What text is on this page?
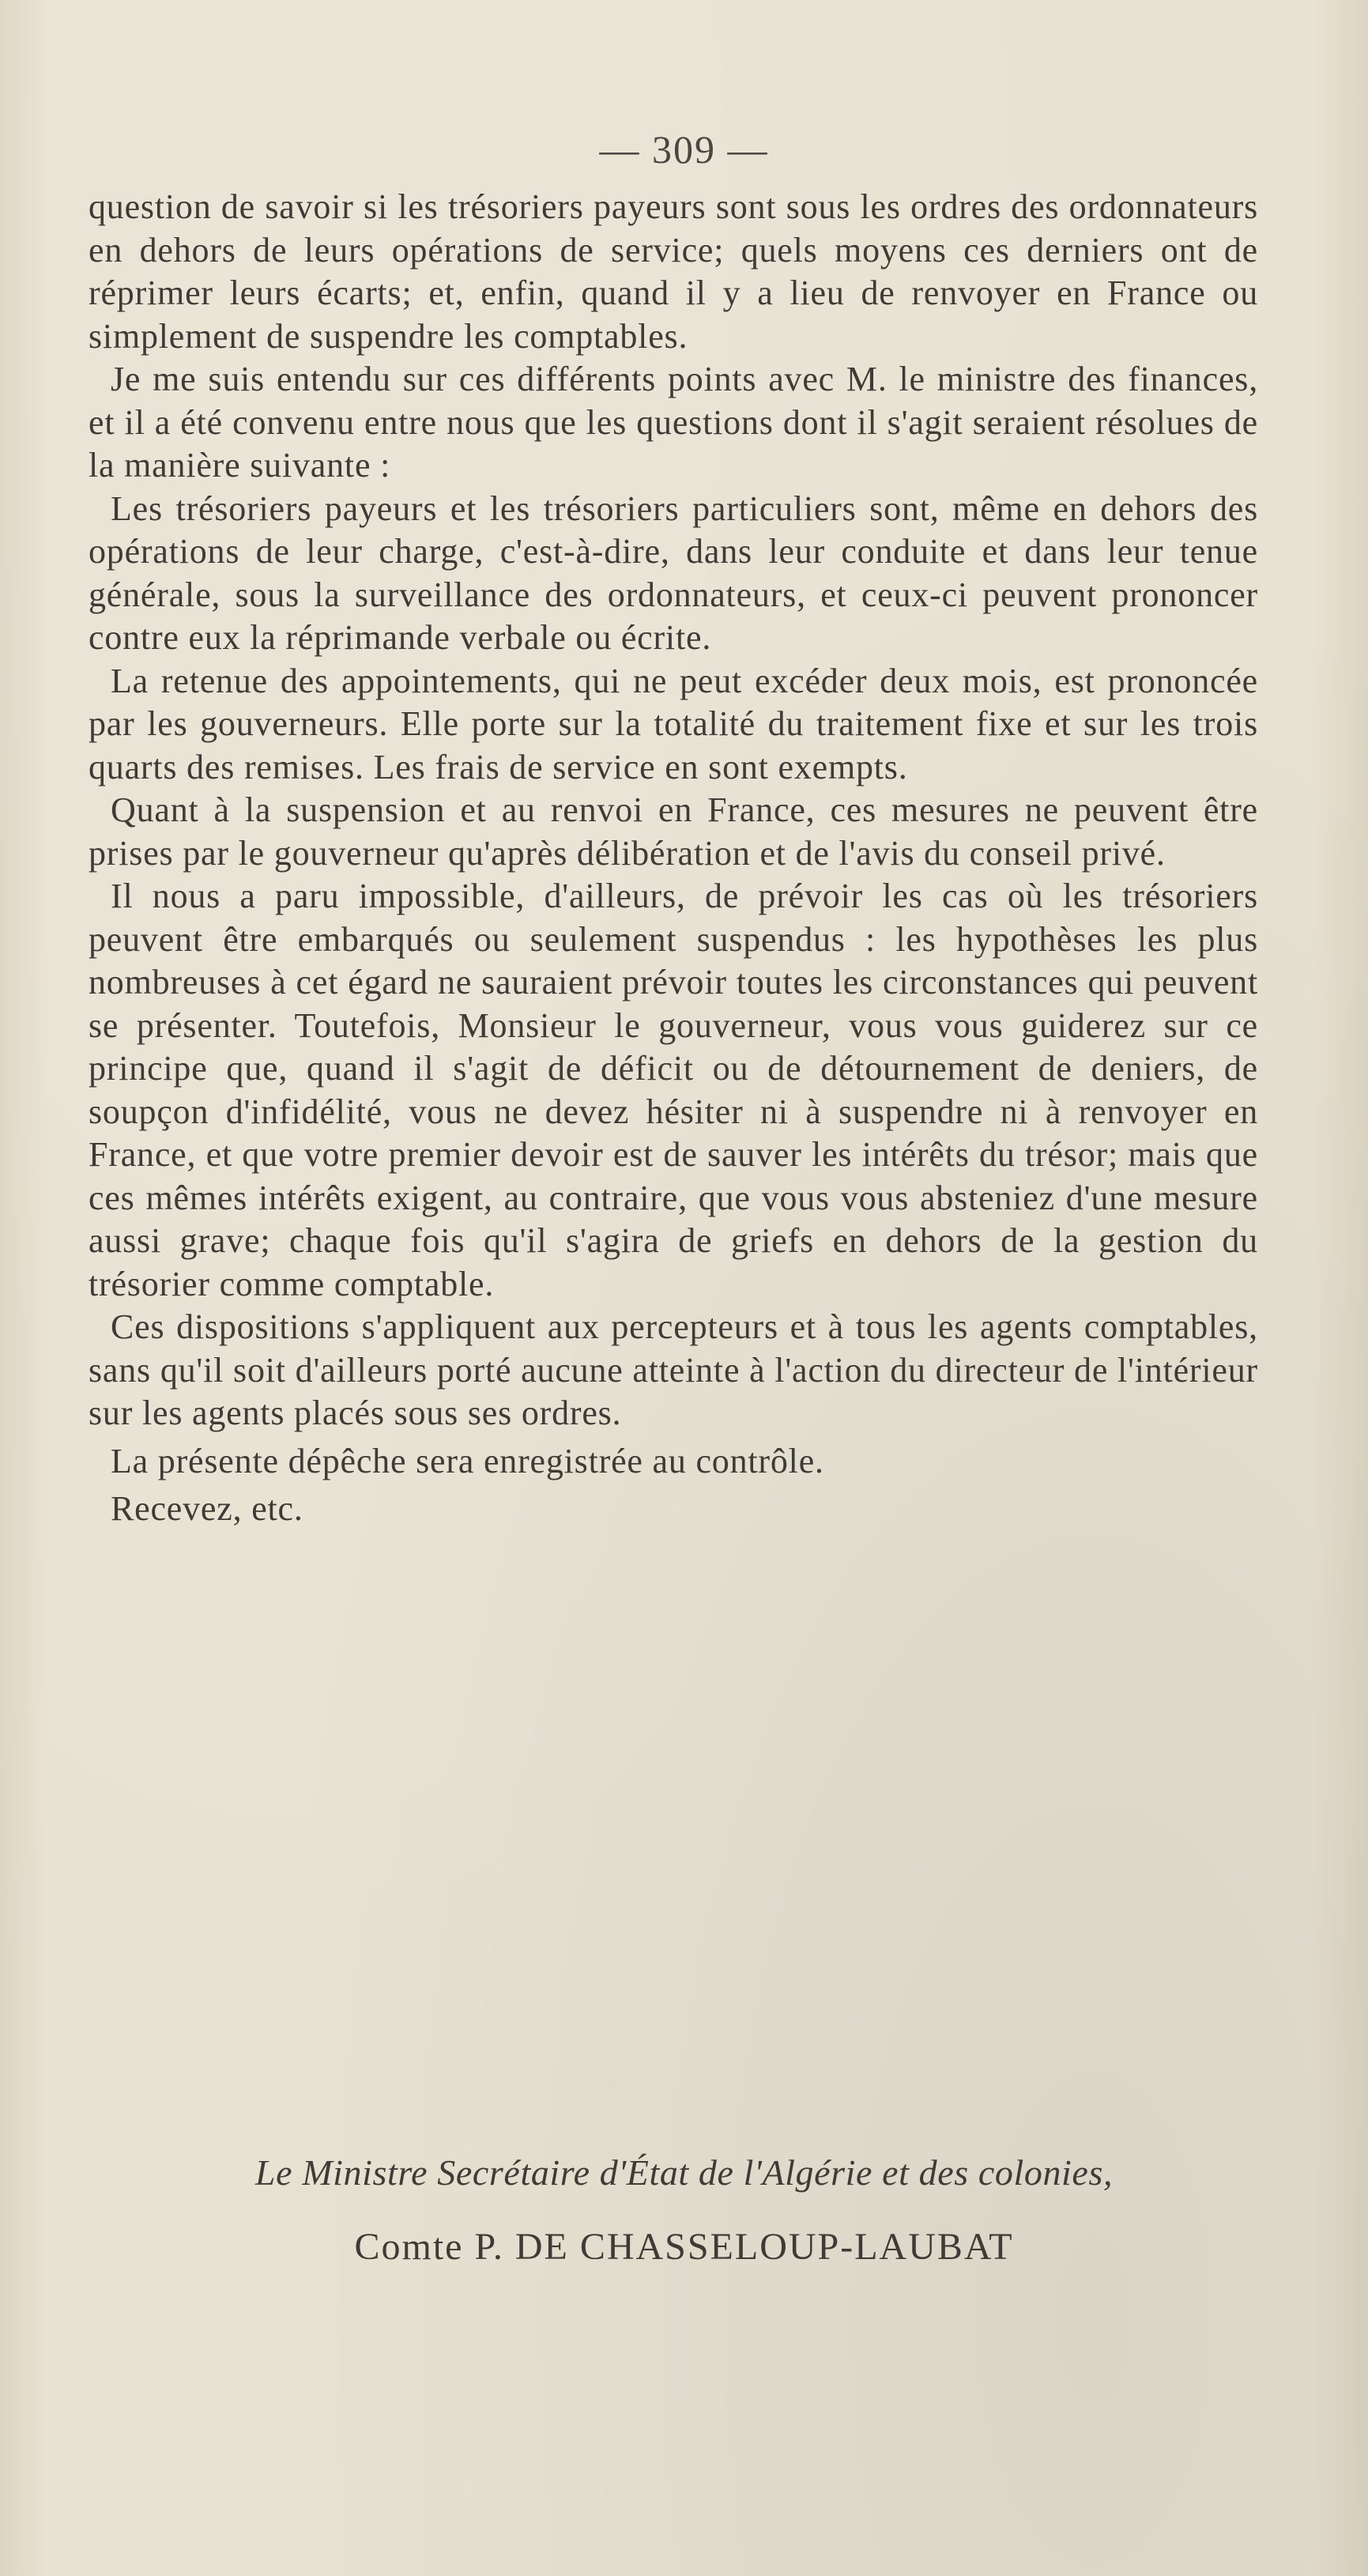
— 309 —

question de savoir si les trésoriers payeurs sont sous les ordres des ordonnateurs en dehors de leurs opérations de service; quels moyens ces derniers ont de réprimer leurs écarts; et, enfin, quand il y a lieu de renvoyer en France ou simplement de suspendre les comptables.

Je me suis entendu sur ces différents points avec M. le ministre des finances, et il a été convenu entre nous que les questions dont il s'agit seraient résolues de la manière suivante :

Les trésoriers payeurs et les trésoriers particuliers sont, même en dehors des opérations de leur charge, c'est-à-dire, dans leur conduite et dans leur tenue générale, sous la surveillance des ordonnateurs, et ceux-ci peuvent prononcer contre eux la réprimande verbale ou écrite.

La retenue des appointements, qui ne peut excéder deux mois, est prononcée par les gouverneurs. Elle porte sur la totalité du traitement fixe et sur les trois quarts des remises. Les frais de service en sont exempts.

Quant à la suspension et au renvoi en France, ces mesures ne peuvent être prises par le gouverneur qu'après délibération et de l'avis du conseil privé.

Il nous a paru impossible, d'ailleurs, de prévoir les cas où les trésoriers peuvent être embarqués ou seulement suspendus : les hypothèses les plus nombreuses à cet égard ne sauraient prévoir toutes les circonstances qui peuvent se présenter. Toutefois, Monsieur le gouverneur, vous vous guiderez sur ce principe que, quand il s'agit de déficit ou de détournement de deniers, de soupçon d'infidélité, vous ne devez hésiter ni à suspendre ni à renvoyer en France, et que votre premier devoir est de sauver les intérêts du trésor; mais que ces mêmes intérêts exigent, au contraire, que vous vous absteniez d'une mesure aussi grave; chaque fois qu'il s'agira de griefs en dehors de la gestion du trésorier comme comptable.

Ces dispositions s'appliquent aux percepteurs et à tous les agents comptables, sans qu'il soit d'ailleurs porté aucune atteinte à l'action du directeur de l'intérieur sur les agents placés sous ses ordres.

La présente dépêche sera enregistrée au contrôle.

Recevez, etc.

Le Ministre Secrétaire d'État de l'Algérie et des colonies,
Comte P. DE CHASSELOUP-LAUBAT
